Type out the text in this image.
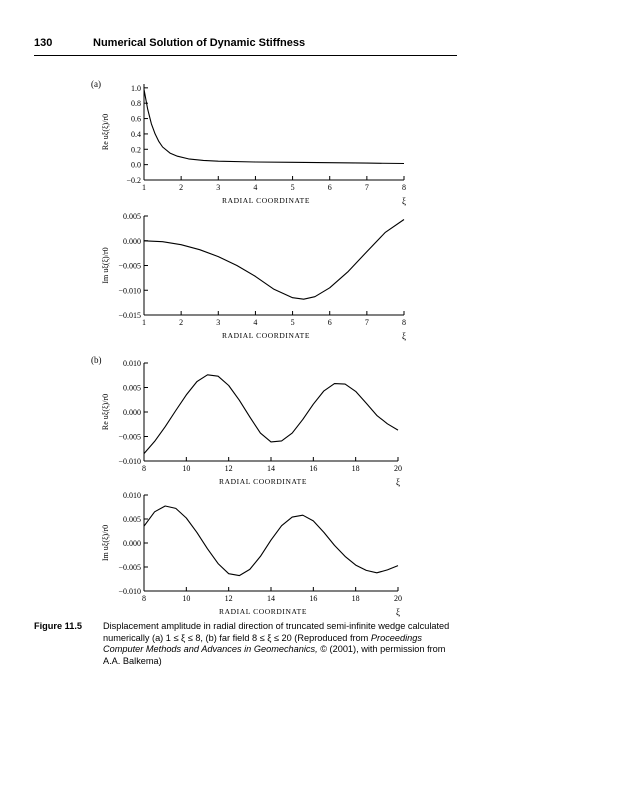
130	Numerical Solution of Dynamic Stiffness
(a)
(b)
1	2	3	4	5	6	7	8
1.0
0.8
0.6
0.4
0.2
0.0
−0.2
RADIAL COORDINATE	ξ
Re uξ(ξ)/r0
1	2	3	4	5	6	7	8
0.005
0.000
−0.005
−0.010
−0.015
RADIAL COORDINATE	ξ
Im uξ(ξ)/r0
8	10	12	14	16	18	20
0.010
0.005
0.000
−0.005
−0.010
RADIAL COORDINATE	ξ
Re uξ(ξ)/r0
8	10	12	14	16	18	20
0.010
0.005
0.000
−0.005
−0.010
RADIAL COORDINATE	ξ
Im uξ(ξ)/r0
Figure 11.5 Displacement amplitude in radial direction of truncated semi-infinite wedge calculated numerically (a) 1 ≤ ξ ≤ 8, (b) far field 8 ≤ ξ ≤ 20 (Reproduced from Proceedings Computer Methods and Advances in Geomechanics, © (2001), with permission from A.A. Balkema)
